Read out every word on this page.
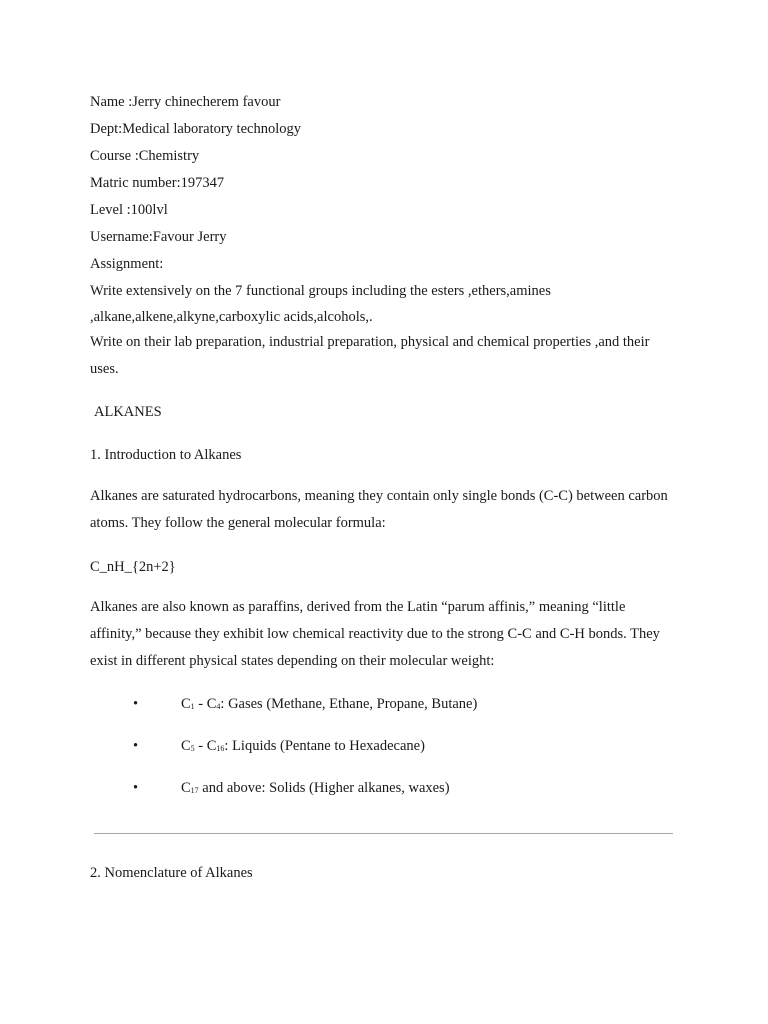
Name :Jerry chinecherem favour
Dept:Medical laboratory technology
Course :Chemistry
Matric number:197347
Level :100lvl
Username:Favour Jerry
Assignment:
Write extensively on the 7 functional groups including the esters ,ethers,amines
,alkane,alkene,alkyne,carboxylic acids,alcohols,.
Write on their lab preparation, industrial preparation, physical and chemical properties ,and their uses.
ALKANES
1. Introduction to Alkanes
Alkanes are saturated hydrocarbons, meaning they contain only single bonds (C-C) between carbon atoms. They follow the general molecular formula:
C_nH_{2n+2}
Alkanes are also known as paraffins, derived from the Latin “parum affinis,” meaning “little affinity,” because they exhibit low chemical reactivity due to the strong C-C and C-H bonds. They exist in different physical states depending on their molecular weight:
•	$C_1 - C_4$: Gases (Methane, Ethane, Propane, Butane)
•	$C_5 - C_{16}$: Liquids (Pentane to Hexadecane)
•	$C_{17}$ and above: Solids (Higher alkanes, waxes)
2. Nomenclature of Alkanes
